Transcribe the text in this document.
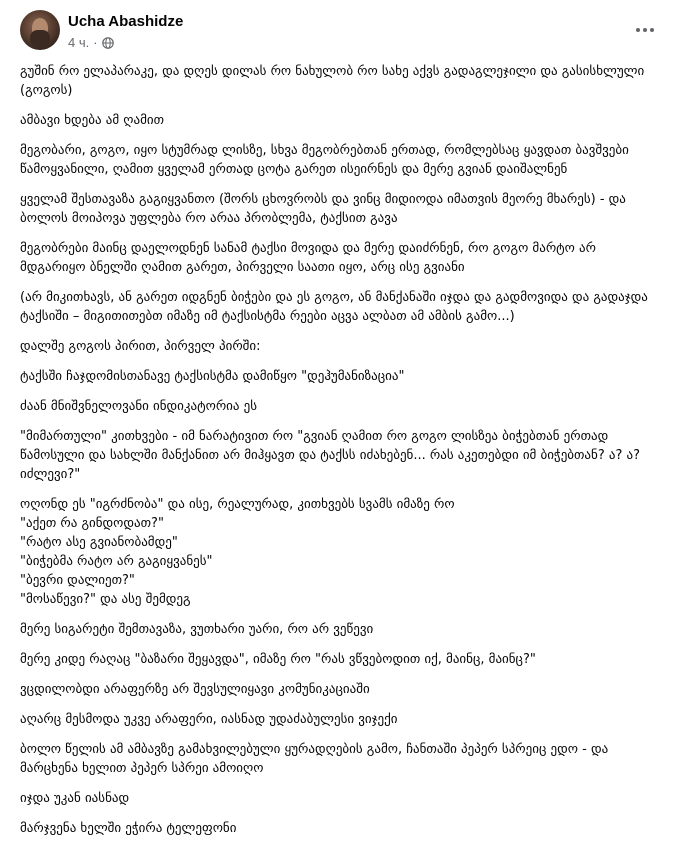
Ucha Abashidze
4 ч. ·

გუშინ რო ელაპარაკე, და დღეს დილას რო ნახულობ რო სახე აქვს გადაგლეჯილი და გასისხლული (გოგოს)

ამბავი ხდება ამ ღამით

მეგობარი, გოგო, იყო სტუმრად ლისზე, სხვა მეგობრებთან ერთად, რომლებსაც ყავდათ ბავშვები წამოყვანილი, ღამით ყველამ ერთად ცოტა გარეთ ისეირნეს და მერე გვიან დაიშალნენ

ყველამ შესთავაზა გაგიყვანთო (შორს ცხოვრობს და ვინც მიდიოდა იმათვის მეორე მხარეს) - და ბოლოს მოიპოვა უფლება რო არაა პრობლემა, ტაქსით გავა

მეგობრები მაინც დაელოდნენ სანამ ტაქსი მოვიდა და მერე დაიძრნენ, რო გოგო მარტო არ მდგარიყო ბნელში ღამით გარეთ, პირველი საათი იყო, არც ისე გვიანი

(არ მიკითხავს, ან გარეთ იდგნენ ბიჭები და ეს გოგო, ან მანქანაში იჯდა და გადმოვიდა და გადაჯდა ტაქსიში – მიგითითებთ იმაზე იმ ტაქსისტმა რეები აცვა ალბათ ამ ამბის გამო...)

დალშე გოგოს პირით, პირველ პირში:

ტაქსში ჩაჯდომისთანავე ტაქსისტმა დამიწყო "დეჰუმანიზაცია"

ძაან მნიშვნელოვანი ინდიკატორია ეს

"მიმართული" კითხვები - იმ ნარატივით რო "გვიან ღამით რო გოგო ლისზეა ბიჭებთან ერთად წამოსული და სახლში მანქანით არ მიჰყავთ და ტაქსს იძახებენ... რას აკეთებდი იმ ბიჭებთან? ა? ა? იძლევი?"

ოღონდ ეს "იგრძნობა" და ისე, რეალურად, კითხვებს სვამს იმაზე რო
"აქეთ რა გინდოდათ?"
"რატო ასე გვიანობამდე"
"ბიჭებმა რატო არ გაგიყვანეს"
"ბევრი დალიეთ?"
"მოსაწევი?" და ასე შემდეგ

მერე სიგარეტი შემთავაზა, ვუთხარი უარი, რო არ ვეწევი

მერე კიდე რაღაც "ბაზარი შეყავდა", იმაზე რო "რას ვწვებოდით იქ, მაინც, მაინც?"

ვცდილობდი არაფერზე არ შევსულიყავი კომუნიკაციაში

აღარც მესმოდა უკვე არაფერი, იასნად უდაძაბულესი ვიჯექი

ბოლო წელის ამ ამბავზე გამახვილებული ყურადღების გამო, ჩანთაში პეპერ სპრეიც ედო - და მარცხენა ხელით პეპერ სპრეი ამოიღო

იჯდა უკან იასნად

მარჯვენა ხელში ეჭირა ტელეფონი
